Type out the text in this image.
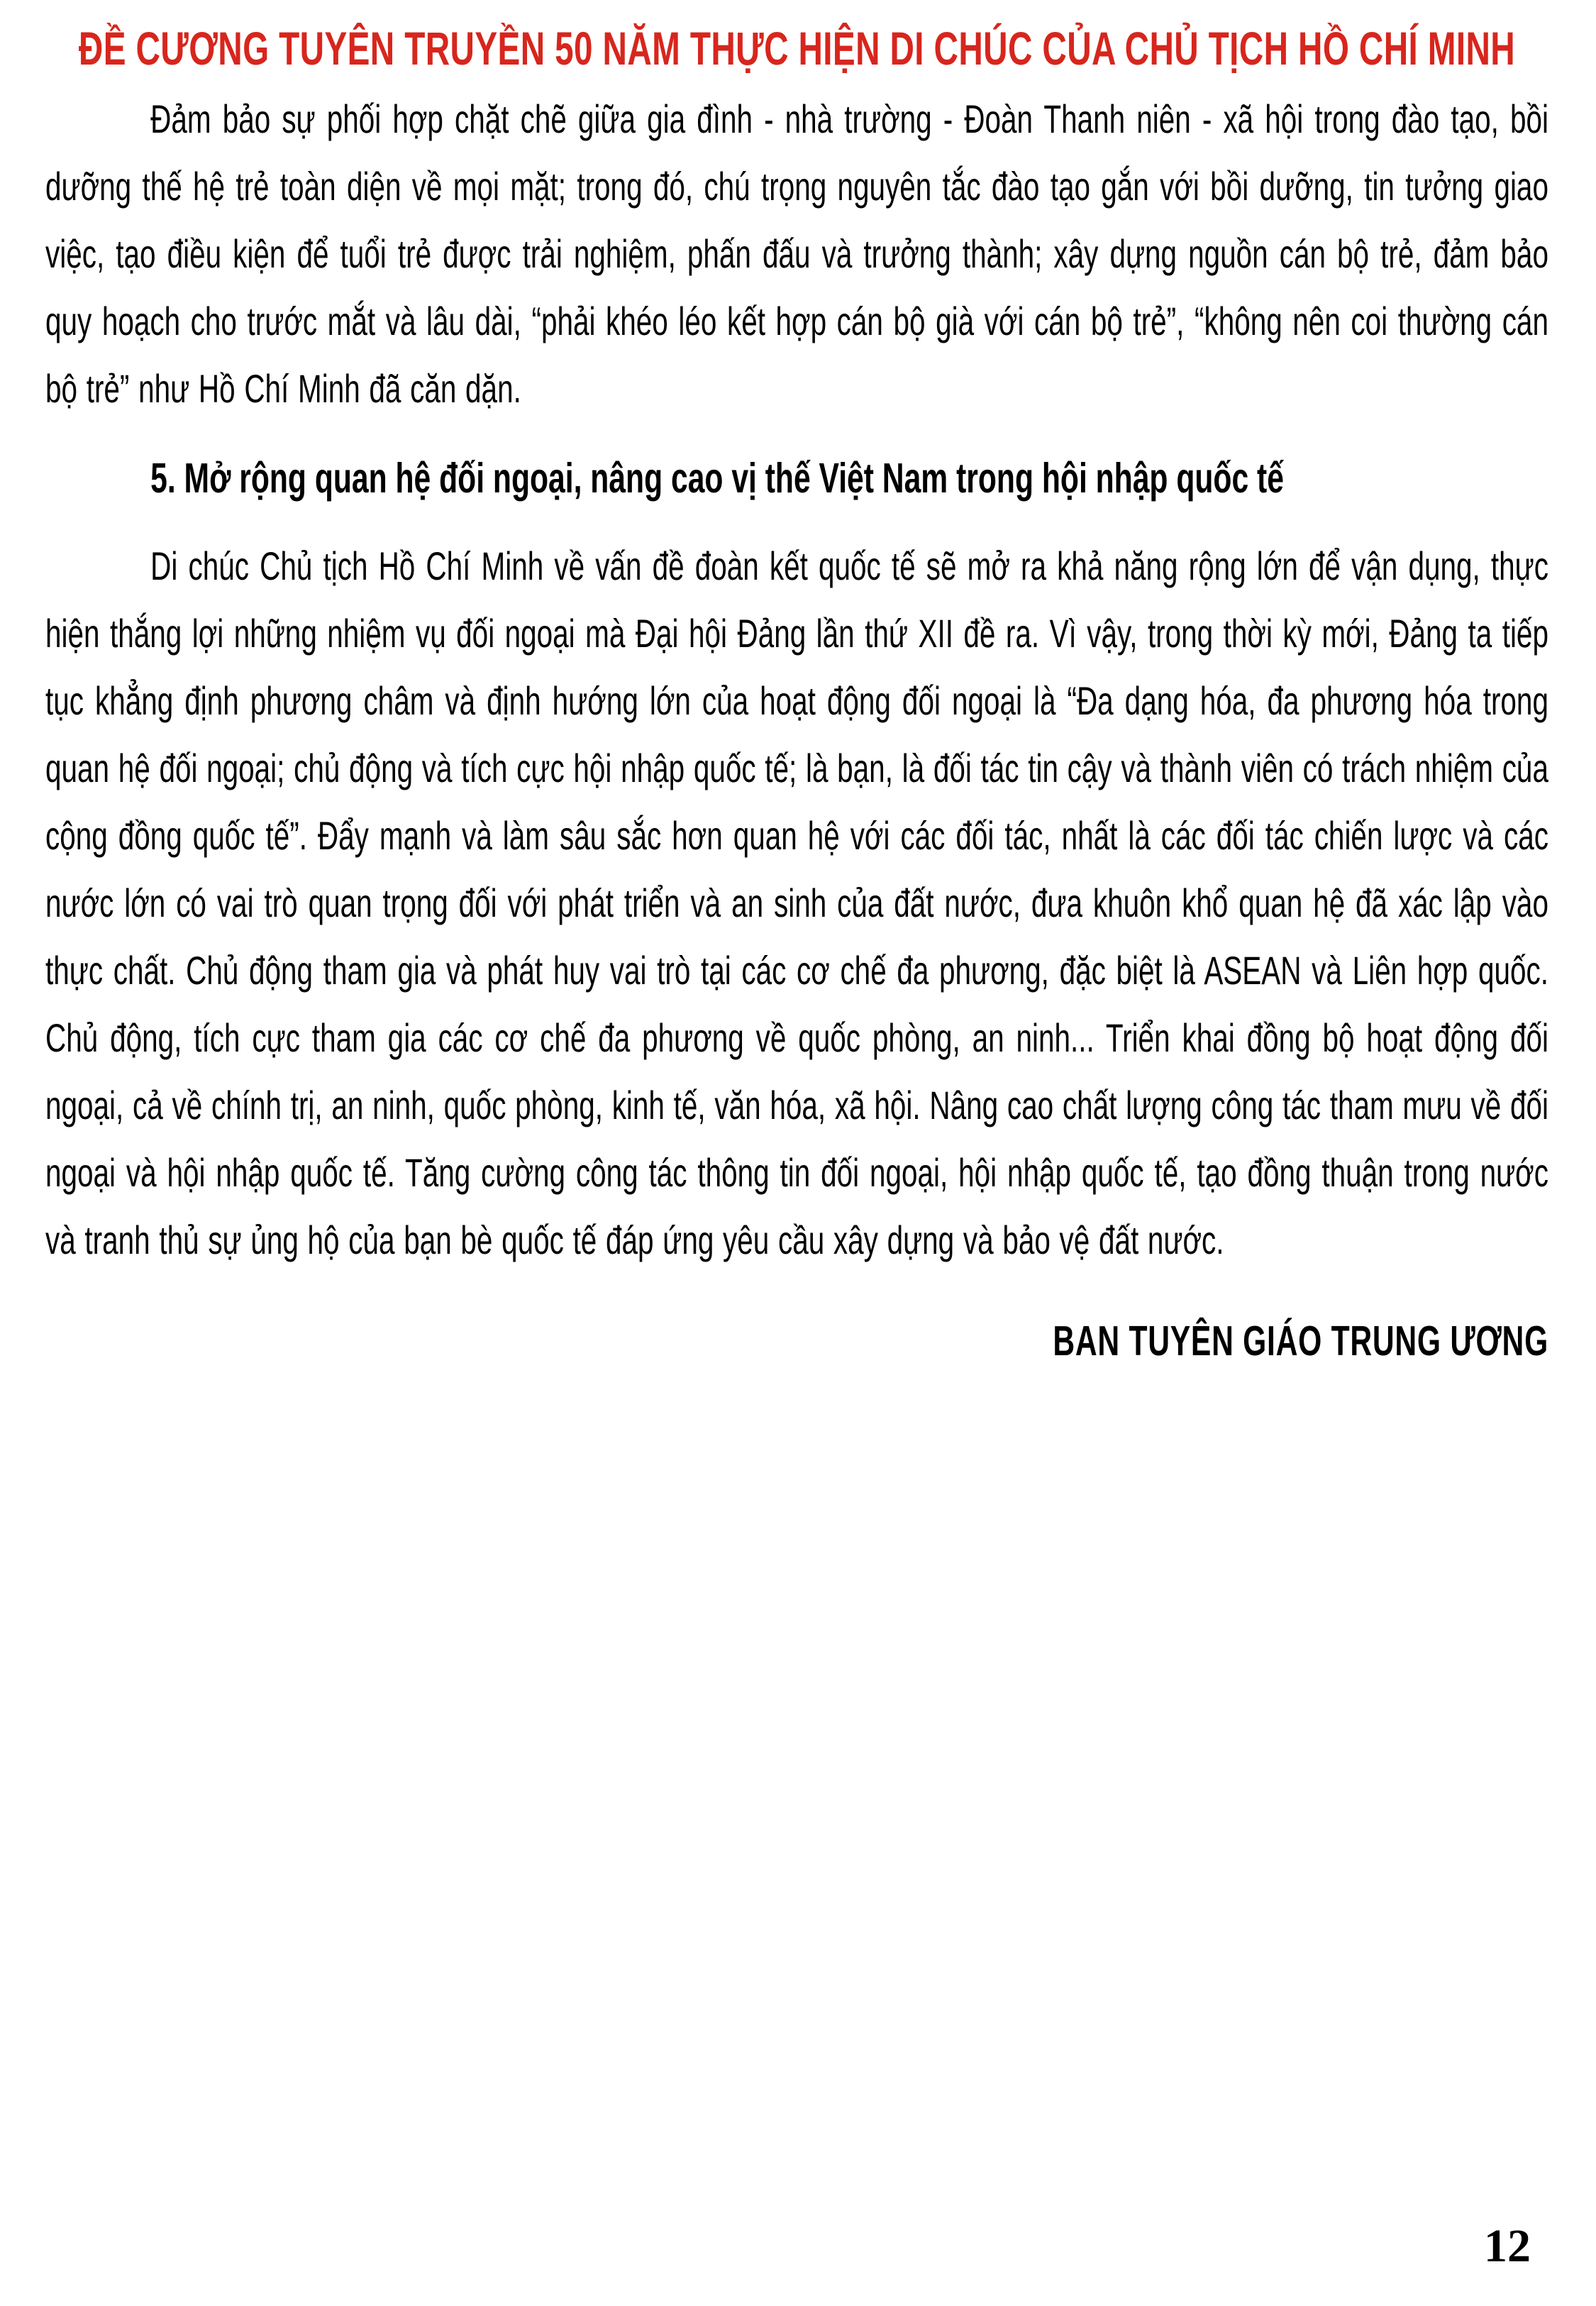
ĐỀ CƯƠNG TUYÊN TRUYỀN 50 NĂM THỰC HIỆN DI CHÚC CỦA CHỦ TỊCH HỒ CHÍ MINH

Đảm bảo sự phối hợp chặt chẽ giữa gia đình - nhà trường - Đoàn Thanh niên - xã hội trong đào tạo, bồi dưỡng thế hệ trẻ toàn diện về mọi mặt; trong đó, chú trọng nguyên tắc đào tạo gắn với bồi dưỡng, tin tưởng giao việc, tạo điều kiện để tuổi trẻ được trải nghiệm, phấn đấu và trưởng thành; xây dựng nguồn cán bộ trẻ, đảm bảo quy hoạch cho trước mắt và lâu dài, “phải khéo léo kết hợp cán bộ già với cán bộ trẻ”, “không nên coi thường cán bộ trẻ” như Hồ Chí Minh đã căn dặn.

5. Mở rộng quan hệ đối ngoại, nâng cao vị thế Việt Nam trong hội nhập quốc tế

Di chúc Chủ tịch Hồ Chí Minh về vấn đề đoàn kết quốc tế sẽ mở ra khả năng rộng lớn để vận dụng, thực hiện thắng lợi những nhiệm vụ đối ngoại mà Đại hội Đảng lần thứ XII đề ra. Vì vậy, trong thời kỳ mới, Đảng ta tiếp tục khẳng định phương châm và định hướng lớn của hoạt động đối ngoại là “Đa dạng hóa, đa phương hóa trong quan hệ đối ngoại; chủ động và tích cực hội nhập quốc tế; là bạn, là đối tác tin cậy và thành viên có trách nhiệm của cộng đồng quốc tế”. Đẩy mạnh và làm sâu sắc hơn quan hệ với các đối tác, nhất là các đối tác chiến lược và các nước lớn có vai trò quan trọng đối với phát triển và an sinh của đất nước, đưa khuôn khổ quan hệ đã xác lập vào thực chất. Chủ động tham gia và phát huy vai trò tại các cơ chế đa phương, đặc biệt là ASEAN và Liên hợp quốc. Chủ động, tích cực tham gia các cơ chế đa phương về quốc phòng, an ninh... Triển khai đồng bộ hoạt động đối ngoại, cả về chính trị, an ninh, quốc phòng, kinh tế, văn hóa, xã hội. Nâng cao chất lượng công tác tham mưu về đối ngoại và hội nhập quốc tế. Tăng cường công tác thông tin đối ngoại, hội nhập quốc tế, tạo đồng thuận trong nước và tranh thủ sự ủng hộ của bạn bè quốc tế đáp ứng yêu cầu xây dựng và bảo vệ đất nước.

BAN TUYÊN GIÁO TRUNG ƯƠNG

12
